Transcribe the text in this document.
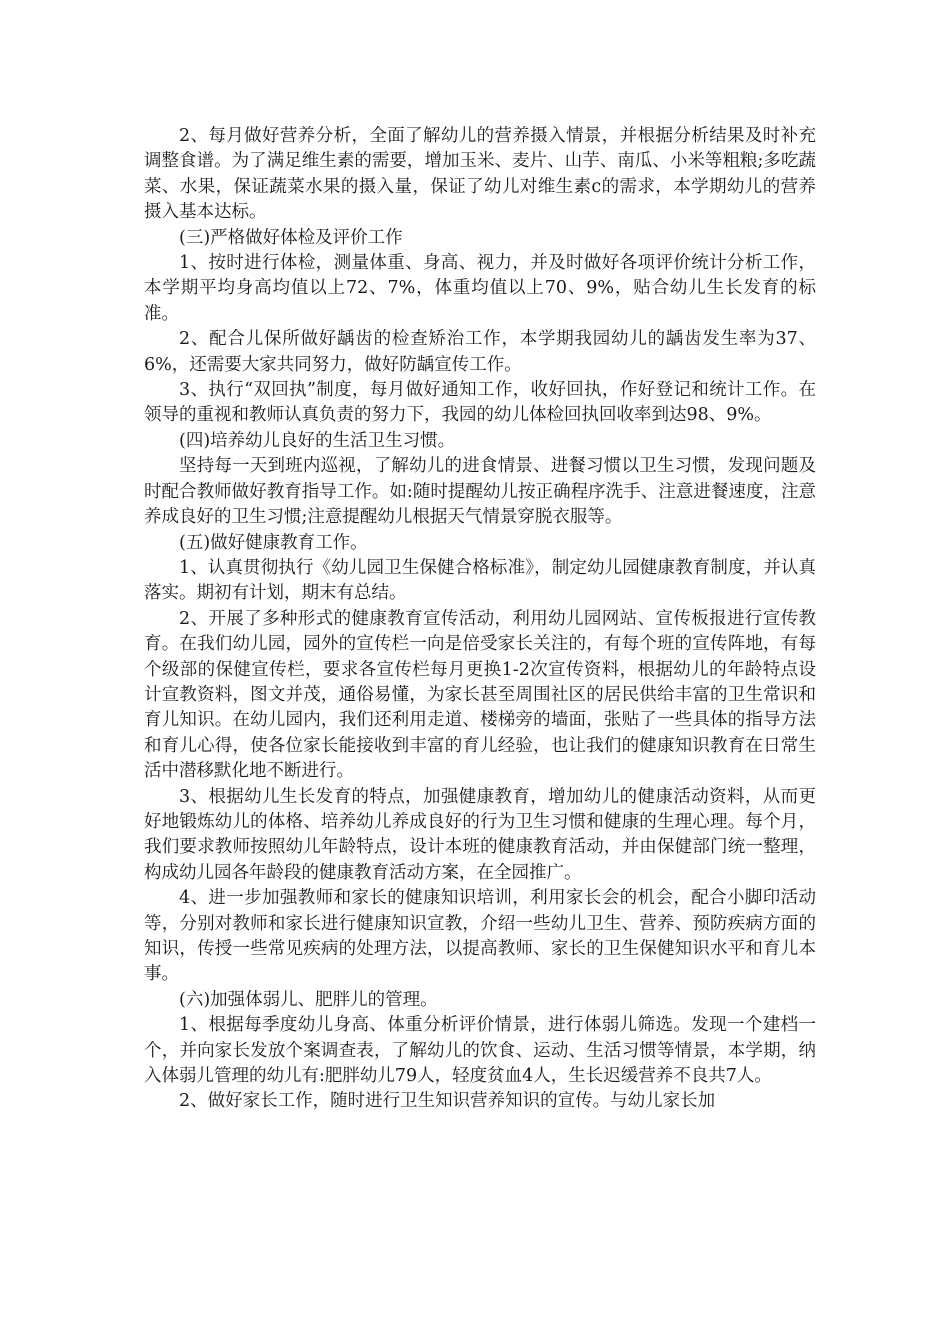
2、每月做好营养分析，全面了解幼儿的营养摄入情景，并根据分析结果及时补充调整食谱。为了满足维生素的需要，增加玉米、麦片、山芋、南瓜、小米等粗粮;多吃蔬菜、水果，保证蔬菜水果的摄入量，保证了幼儿对维生素c的需求，本学期幼儿的营养摄入基本达标。

(三)严格做好体检及评价工作

1、按时进行体检，测量体重、身高、视力，并及时做好各项评价统计分析工作，本学期平均身高均值以上72、7%，体重均值以上70、9%，贴合幼儿生长发育的标准。

2、配合儿保所做好龋齿的检查矫治工作，本学期我园幼儿的龋齿发生率为37、6%，还需要大家共同努力，做好防龋宣传工作。

3、执行“双回执”制度，每月做好通知工作，收好回执，作好登记和统计工作。在领导的重视和教师认真负责的努力下，我园的幼儿体检回执回收率到达98、9%。

(四)培养幼儿良好的生活卫生习惯。

坚持每一天到班内巡视，了解幼儿的进食情景、进餐习惯以卫生习惯，发现问题及时配合教师做好教育指导工作。如:随时提醒幼儿按正确程序洗手、注意进餐速度，注意养成良好的卫生习惯;注意提醒幼儿根据天气情景穿脱衣服等。

(五)做好健康教育工作。

1、认真贯彻执行《幼儿园卫生保健合格标准》，制定幼儿园健康教育制度，并认真落实。期初有计划，期末有总结。

2、开展了多种形式的健康教育宣传活动，利用幼儿园网站、宣传板报进行宣传教育。在我们幼儿园，园外的宣传栏一向是倍受家长关注的，有每个班的宣传阵地，有每个级部的保健宣传栏，要求各宣传栏每月更换1-2次宣传资料，根据幼儿的年龄特点设计宣教资料，图文并茂，通俗易懂，为家长甚至周围社区的居民供给丰富的卫生常识和育儿知识。在幼儿园内，我们还利用走道、楼梯旁的墙面，张贴了一些具体的指导方法和育儿心得，使各位家长能接收到丰富的育儿经验，也让我们的健康知识教育在日常生活中潜移默化地不断进行。

3、根据幼儿生长发育的特点，加强健康教育，增加幼儿的健康活动资料，从而更好地锻炼幼儿的体格、培养幼儿养成良好的行为卫生习惯和健康的生理心理。每个月，我们要求教师按照幼儿年龄特点，设计本班的健康教育活动，并由保健部门统一整理，构成幼儿园各年龄段的健康教育活动方案，在全园推广。

4、进一步加强教师和家长的健康知识培训，利用家长会的机会，配合小脚印活动等，分别对教师和家长进行健康知识宣教，介绍一些幼儿卫生、营养、预防疾病方面的知识，传授一些常见疾病的处理方法，以提高教师、家长的卫生保健知识水平和育儿本事。

(六)加强体弱儿、肥胖儿的管理。

1、根据每季度幼儿身高、体重分析评价情景，进行体弱儿筛选。发现一个建档一个，并向家长发放个案调查表，了解幼儿的饮食、运动、生活习惯等情景，本学期，纳入体弱儿管理的幼儿有:肥胖幼儿79人，轻度贫血4人，生长迟缓营养不良共7人。

2、做好家长工作，随时进行卫生知识营养知识的宣传。与幼儿家长加
